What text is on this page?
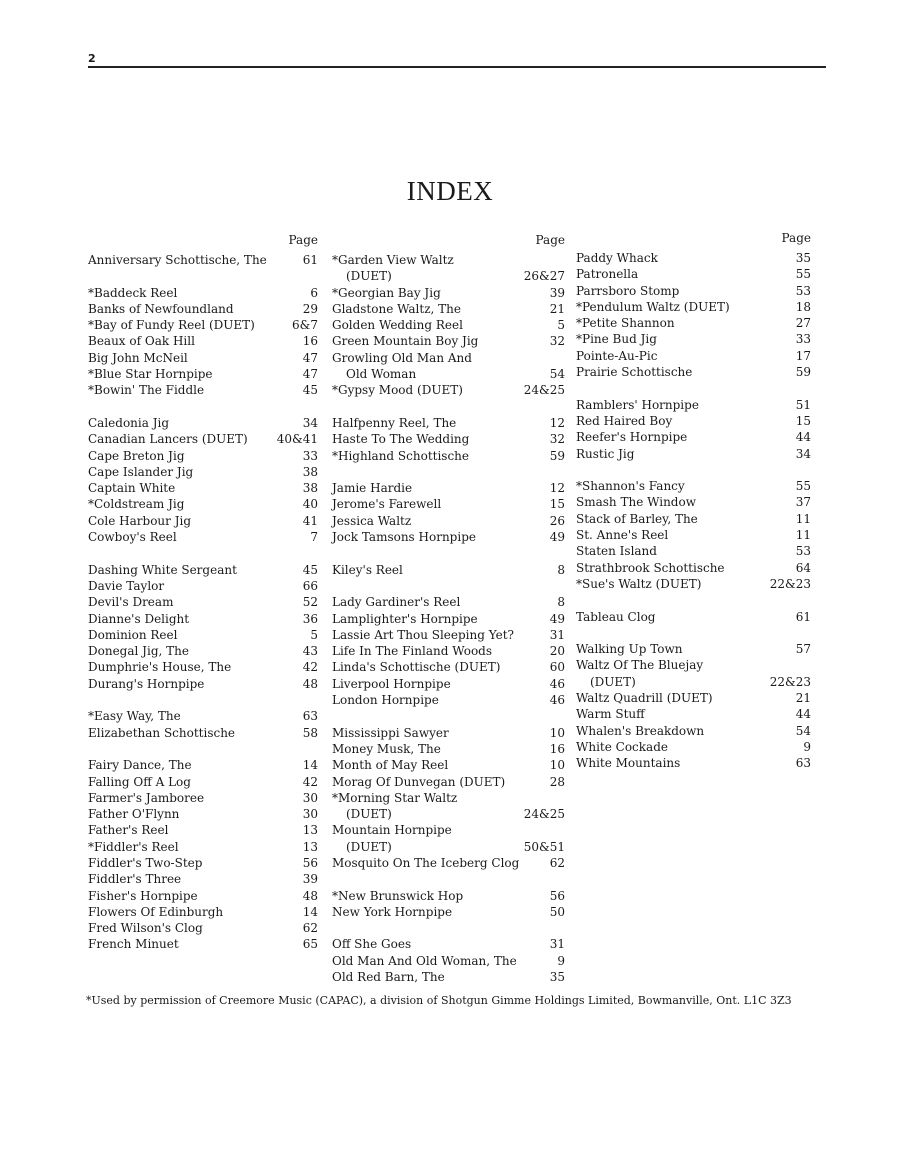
2
INDEX
Page
Anniversary Schottische, The	61
*Baddeck Reel	6
Banks of Newfoundland	29
*Bay of Fundy Reel (DUET)	6&7
Beaux of Oak Hill	16
Big John McNeil	47
*Blue Star Hornpipe	47
*Bowin' The Fiddle	45
Caledonia Jig	34
Canadian Lancers (DUET) 40&41
Cape Breton Jig	33
Cape Islander Jig	38
Captain White	38
*Coldstream Jig	40
Cole Harbour Jig	41
Cowboy's Reel	7
Dashing White Sergeant	45
Davie Taylor	66
Devil's Dream	52
Dianne's Delight	36
Dominion Reel	5
Donegal Jig, The	43
Dumphrie's House, The	42
Durang's Hornpipe	48
*Easy Way, The	63
Elizabethan Schottische	58
Fairy Dance, The	14
Falling Off A Log	42
Farmer's Jamboree	30
Father O'Flynn	30
Father's Reel	13
*Fiddler's Reel	13
Fiddler's Two-Step	56
Fiddler's Three	39
Fisher's Hornpipe	48
Flowers Of Edinburgh	14
Fred Wilson's Clog	62
French Minuet	65
Page
*Garden View Waltz
(DUET)	26&27
*Georgian Bay Jig	39
Gladstone Waltz, The	21
Golden Wedding Reel	5
Green Mountain Boy Jig	32
Growling Old Man And
Old Woman	54
*Gypsy Mood (DUET)	24&25
Halfpenny Reel, The	12
Haste To The Wedding	32
*Highland Schottische	59
Jamie Hardie	12
Jerome's Farewell	15
Jessica Waltz	26
Jock Tamsons Hornpipe	49
Kiley's Reel	8
Lady Gardiner's Reel	8
Lamplighter's Hornpipe	49
Lassie Art Thou Sleeping Yet?	31
Life In The Finland Woods	20
Linda's Schottische (DUET)	60
Liverpool Hornpipe	46
London Hornpipe	46
Mississippi Sawyer	10
Money Musk, The	16
Month of May Reel	10
Morag Of Dunvegan (DUET)	28
*Morning Star Waltz
(DUET)	24&25
Mountain Hornpipe
(DUET)	50&51
Mosquito On The Iceberg Clog	62
*New Brunswick Hop	56
New York Hornpipe	50
Off She Goes	31
Old Man And Old Woman, The	9
Old Red Barn, The	35
Page
Paddy Whack	35
Patronella	55
Parrsboro Stomp	53
*Pendulum Waltz (DUET)	18
*Petite Shannon	27
*Pine Bud Jig	33
Pointe-Au-Pic	17
Prairie Schottische	59
Ramblers' Hornpipe	51
Red Haired Boy	15
Reefer's Hornpipe	44
Rustic Jig	34
*Shannon's Fancy	55
Smash The Window	37
Stack of Barley, The	11
St. Anne's Reel	11
Staten Island	53
Strathbrook Schottische	64
*Sue's Waltz (DUET)	22&23
Tableau Clog	61
Walking Up Town	57
Waltz Of The Bluejay
(DUET)	22&23
Waltz Quadrill (DUET)	21
Warm Stuff	44
Whalen's Breakdown	54
White Cockade	9
White Mountains	63
*Used by permission of Creemore Music (CAPAC), a division of Shotgun Gimme Holdings Limited, Bowmanville, Ont. L1C 3Z3
